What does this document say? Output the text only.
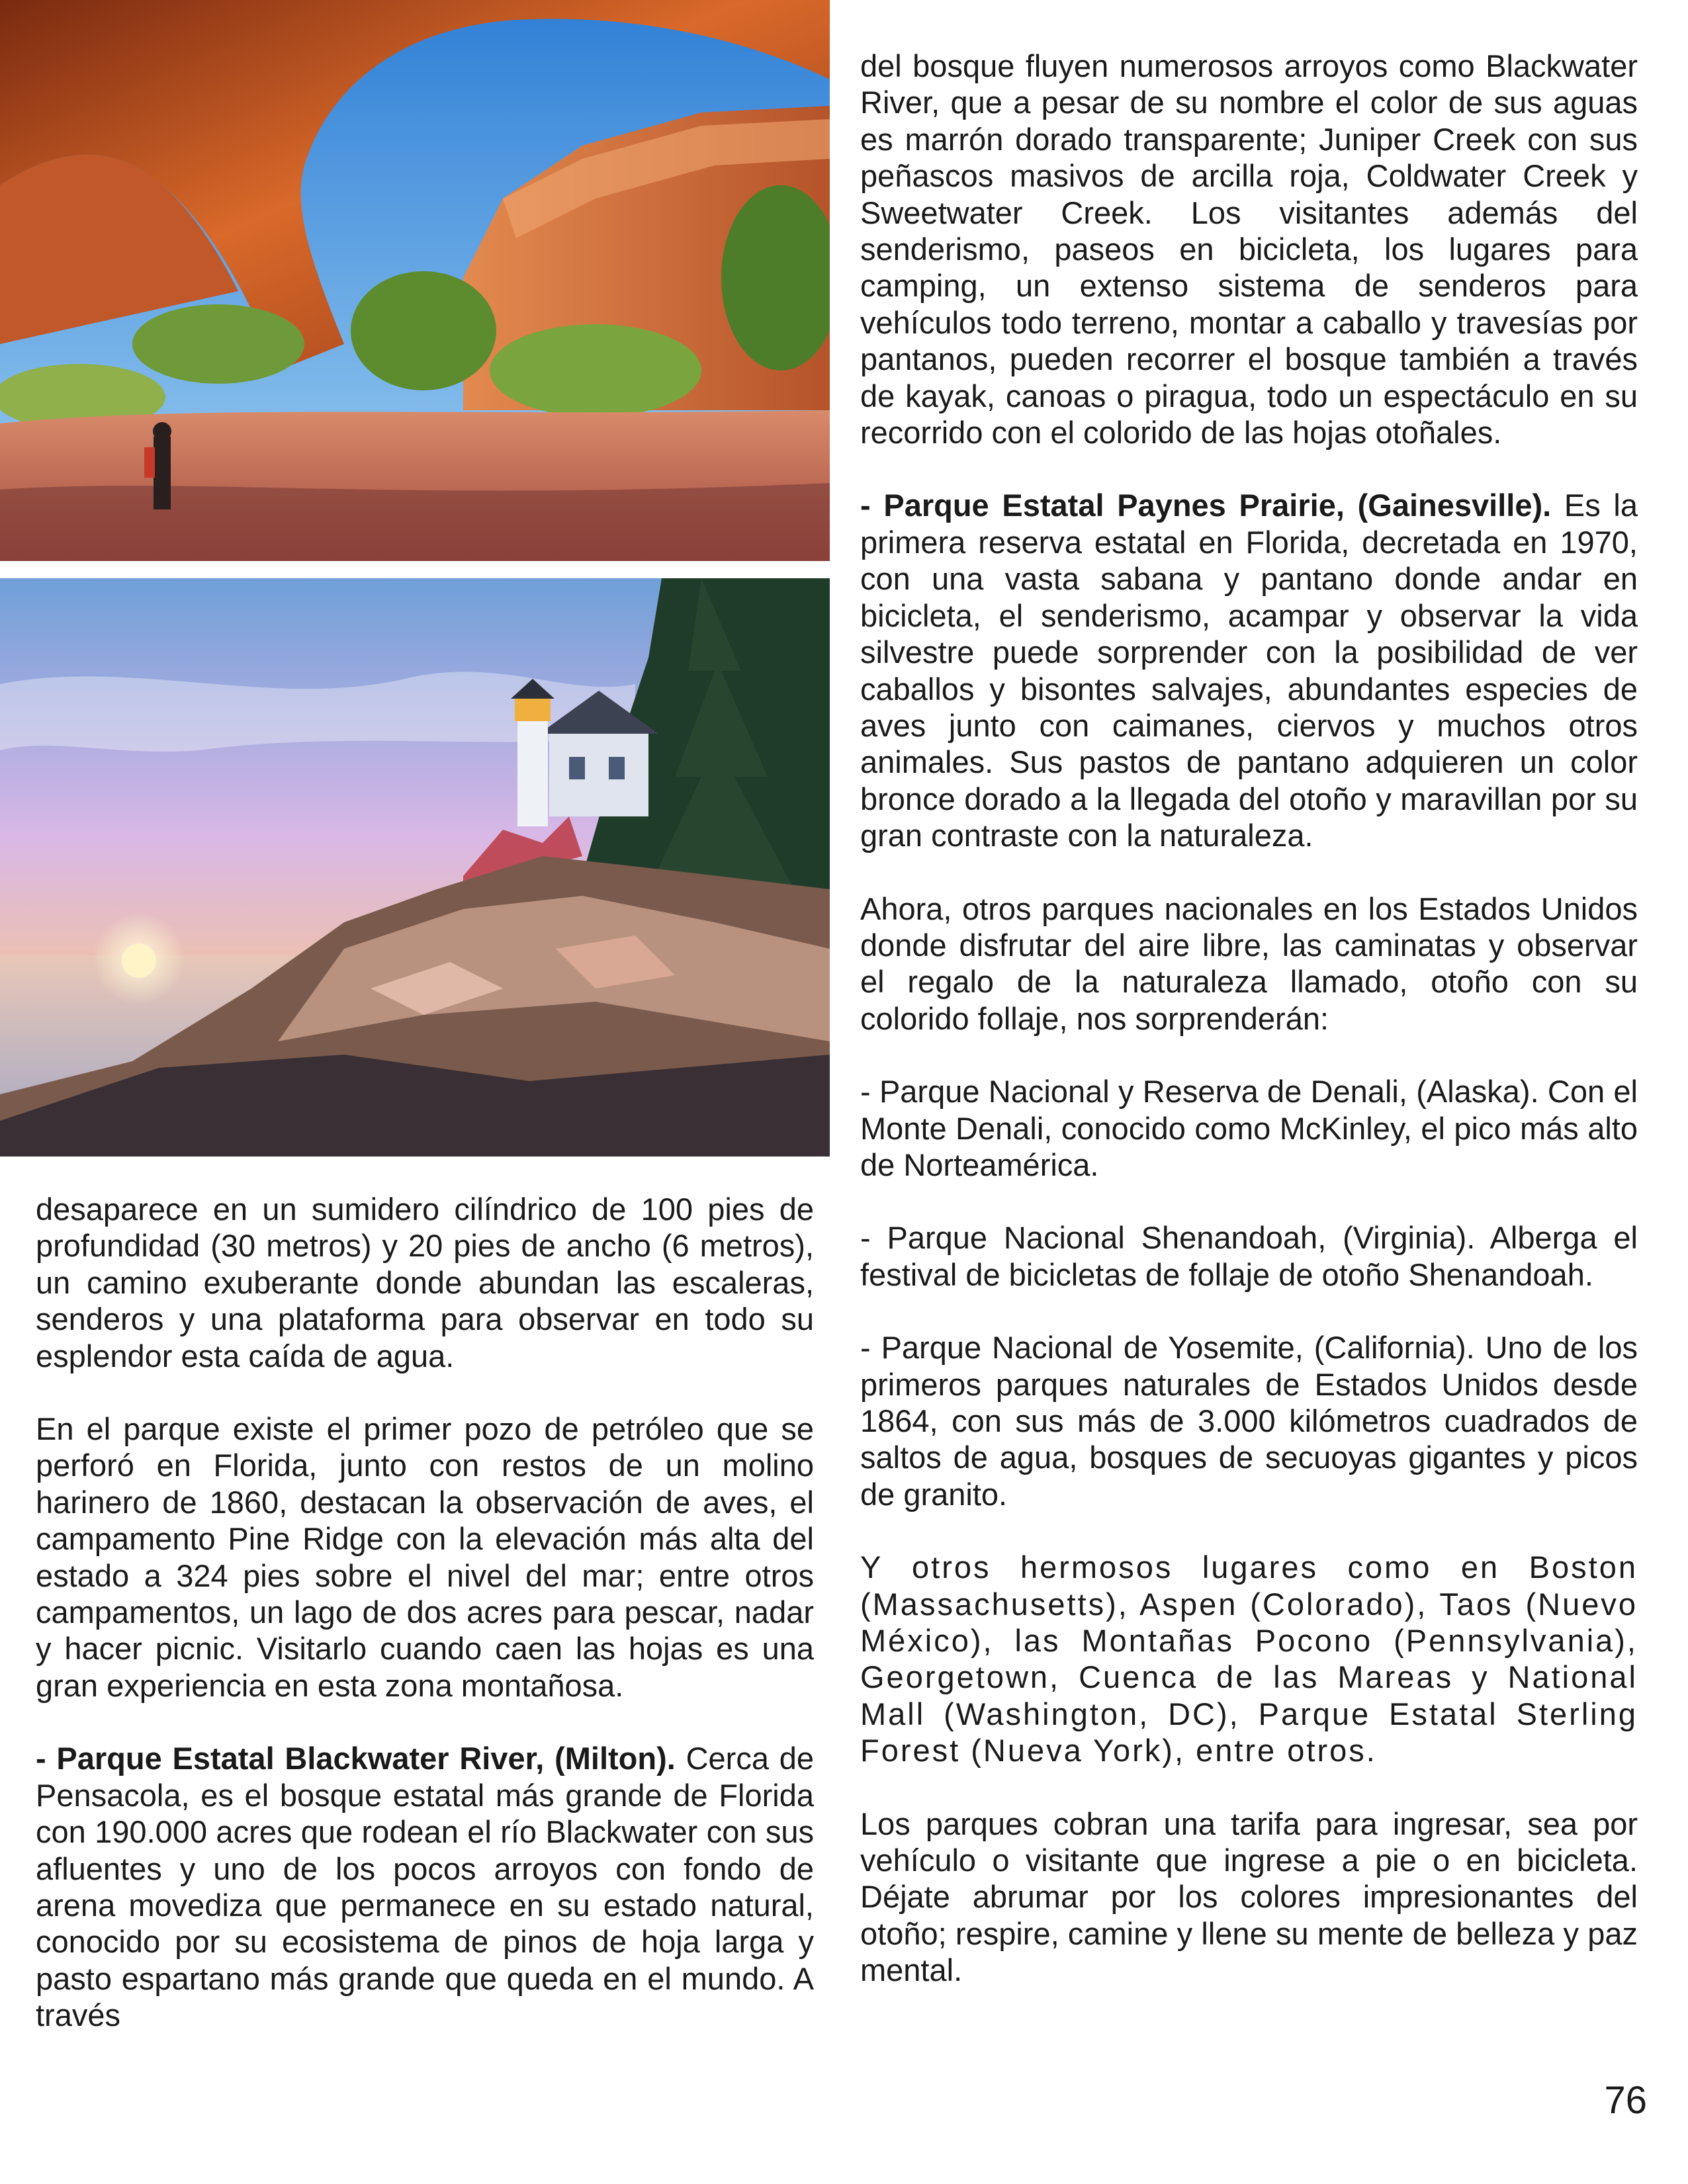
del bosque fluyen numerosos arroyos como Blackwater River, que a pesar de su nombre el color de sus aguas es marrón dorado transparente; Juniper Creek con sus peñascos masivos de arcilla roja, Coldwater Creek y Sweetwater Creek. Los visitantes además del senderismo, paseos en bicicleta, los lugares para camping, un extenso sistema de senderos para vehículos todo terreno, montar a caballo y travesías por pantanos, pueden recorrer el bosque también a través de kayak, canoas o piragua, todo un espectáculo en su recorrido con el colorido de las hojas otoñales.

- Parque Estatal Paynes Prairie, (Gainesville). Es la primera reserva estatal en Florida, decretada en 1970, con una vasta sabana y pantano donde andar en bicicleta, el senderismo, acampar y observar la vida silvestre puede sorprender con la posibilidad de ver caballos y bisontes salvajes, abundantes especies de aves junto con caimanes, ciervos y muchos otros animales. Sus pastos de pantano adquieren un color bronce dorado a la llegada del otoño y maravillan por su gran contraste con la naturaleza.

Ahora, otros parques nacionales en los Estados Unidos donde disfrutar del aire libre, las caminatas y observar el regalo de la naturaleza llamado, otoño con su colorido follaje, nos sorprenderán:

- Parque Nacional y Reserva de Denali, (Alaska). Con el Monte Denali, conocido como McKinley, el pico más alto de Norteamérica.

- Parque Nacional Shenandoah, (Virginia). Alberga el festival de bicicletas de follaje de otoño Shenandoah.

- Parque Nacional de Yosemite, (California). Uno de los primeros parques naturales de Estados Unidos desde 1864, con sus más de 3.000 kilómetros cuadrados de saltos de agua, bosques de secuoyas gigantes y picos de granito.

Y otros hermosos lugares como en Boston (Massachusetts), Aspen (Colorado), Taos (Nuevo México), las Montañas Pocono (Pennsylvania), Georgetown, Cuenca de las Mareas y National Mall (Washington, DC), Parque Estatal Sterling Forest (Nueva York), entre otros.

Los parques cobran una tarifa para ingresar, sea por vehículo o visitante que ingrese a pie o en bicicleta. Déjate abrumar por los colores impresionantes del otoño; respire, camine y llene su mente de belleza y paz mental.

desaparece en un sumidero cilíndrico de 100 pies de profundidad (30 metros) y 20 pies de ancho (6 metros), un camino exuberante donde abundan las escaleras, senderos y una plataforma para observar en todo su esplendor esta caída de agua.

En el parque existe el primer pozo de petróleo que se perforó en Florida, junto con restos de un molino harinero de 1860, destacan la observación de aves, el campamento Pine Ridge con la elevación más alta del estado a 324 pies sobre el nivel del mar; entre otros campamentos, un lago de dos acres para pescar, nadar y hacer picnic. Visitarlo cuando caen las hojas es una gran experiencia en esta zona montañosa.

- Parque Estatal Blackwater River, (Milton). Cerca de Pensacola, es el bosque estatal más grande de Florida con 190.000 acres que rodean el río Blackwater con sus afluentes y uno de los pocos arroyos con fondo de arena movediza que permanece en su estado natural, conocido por su ecosistema de pinos de hoja larga y pasto espartano más grande que queda en el mundo. A través

76
